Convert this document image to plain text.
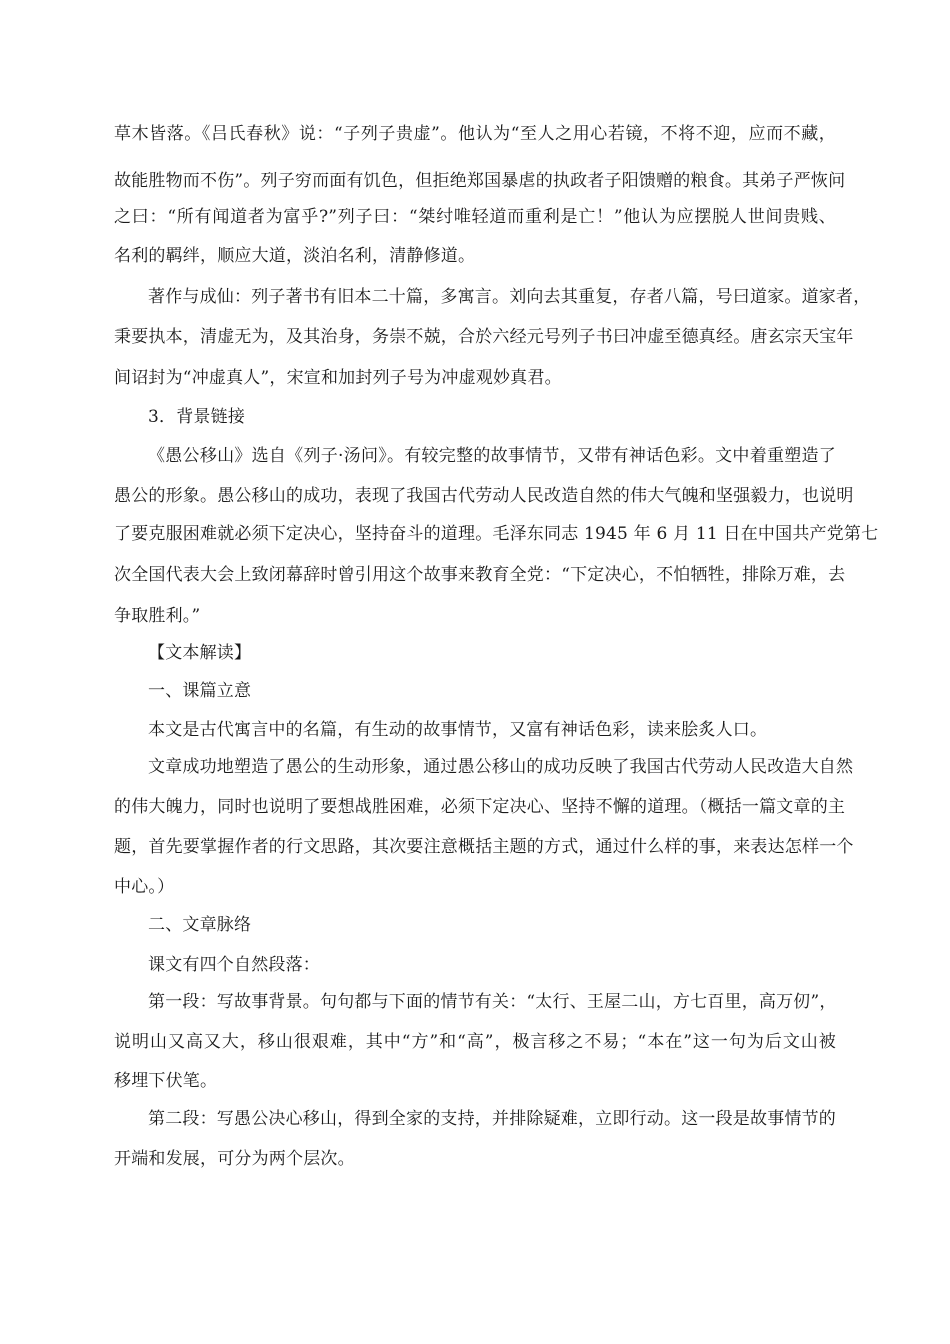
草木皆落。《吕氏春秋》说：“子列子贵虚”。他认为“至人之用心若镜，不将不迎，应而不藏，
故能胜物而不伤”。列子穷而面有饥色，但拒绝郑国暴虐的执政者子阳馈赠的粮食。其弟子严恢问
之曰：“所有闻道者为富乎?”列子曰：“桀纣唯轻道而重利是亡！”他认为应摆脱人世间贵贱、
名利的羁绊，顺应大道，淡泊名利，清静修道。
著作与成仙：列子著书有旧本二十篇，多寓言。刘向去其重复，存者八篇，号曰道家。道家者，
秉要执本，清虚无为，及其治身，务崇不兢，合於六经元号列子书曰冲虚至德真经。唐玄宗天宝年
间诏封为“冲虚真人”，宋宣和加封列子号为冲虚观妙真君。
3．背景链接
《愚公移山》选自《列子·汤问》。有较完整的故事情节，又带有神话色彩。文中着重塑造了
愚公的形象。愚公移山的成功，表现了我国古代劳动人民改造自然的伟大气魄和坚强毅力，也说明
了要克服困难就必须下定决心，坚持奋斗的道理。毛泽东同志 1945 年 6 月 11 日在中国共产党第七
次全国代表大会上致闭幕辞时曾引用这个故事来教育全党：“下定决心，不怕牺牲，排除万难，去
争取胜利。”
【文本解读】
一、课篇立意
本文是古代寓言中的名篇，有生动的故事情节，又富有神话色彩，读来脍炙人口。
文章成功地塑造了愚公的生动形象，通过愚公移山的成功反映了我国古代劳动人民改造大自然
的伟大魄力，同时也说明了要想战胜困难，必须下定决心、坚持不懈的道理。（概括一篇文章的主
题，首先要掌握作者的行文思路，其次要注意概括主题的方式，通过什么样的事，来表达怎样一个
中心。）
二、文章脉络
课文有四个自然段落：
第一段：写故事背景。句句都与下面的情节有关：“太行、王屋二山，方七百里，高万仞”，
说明山又高又大，移山很艰难，其中“方”和“高”，极言移之不易；“本在”这一句为后文山被
移埋下伏笔。
第二段：写愚公决心移山，得到全家的支持，并排除疑难，立即行动。这一段是故事情节的
开端和发展，可分为两个层次。
